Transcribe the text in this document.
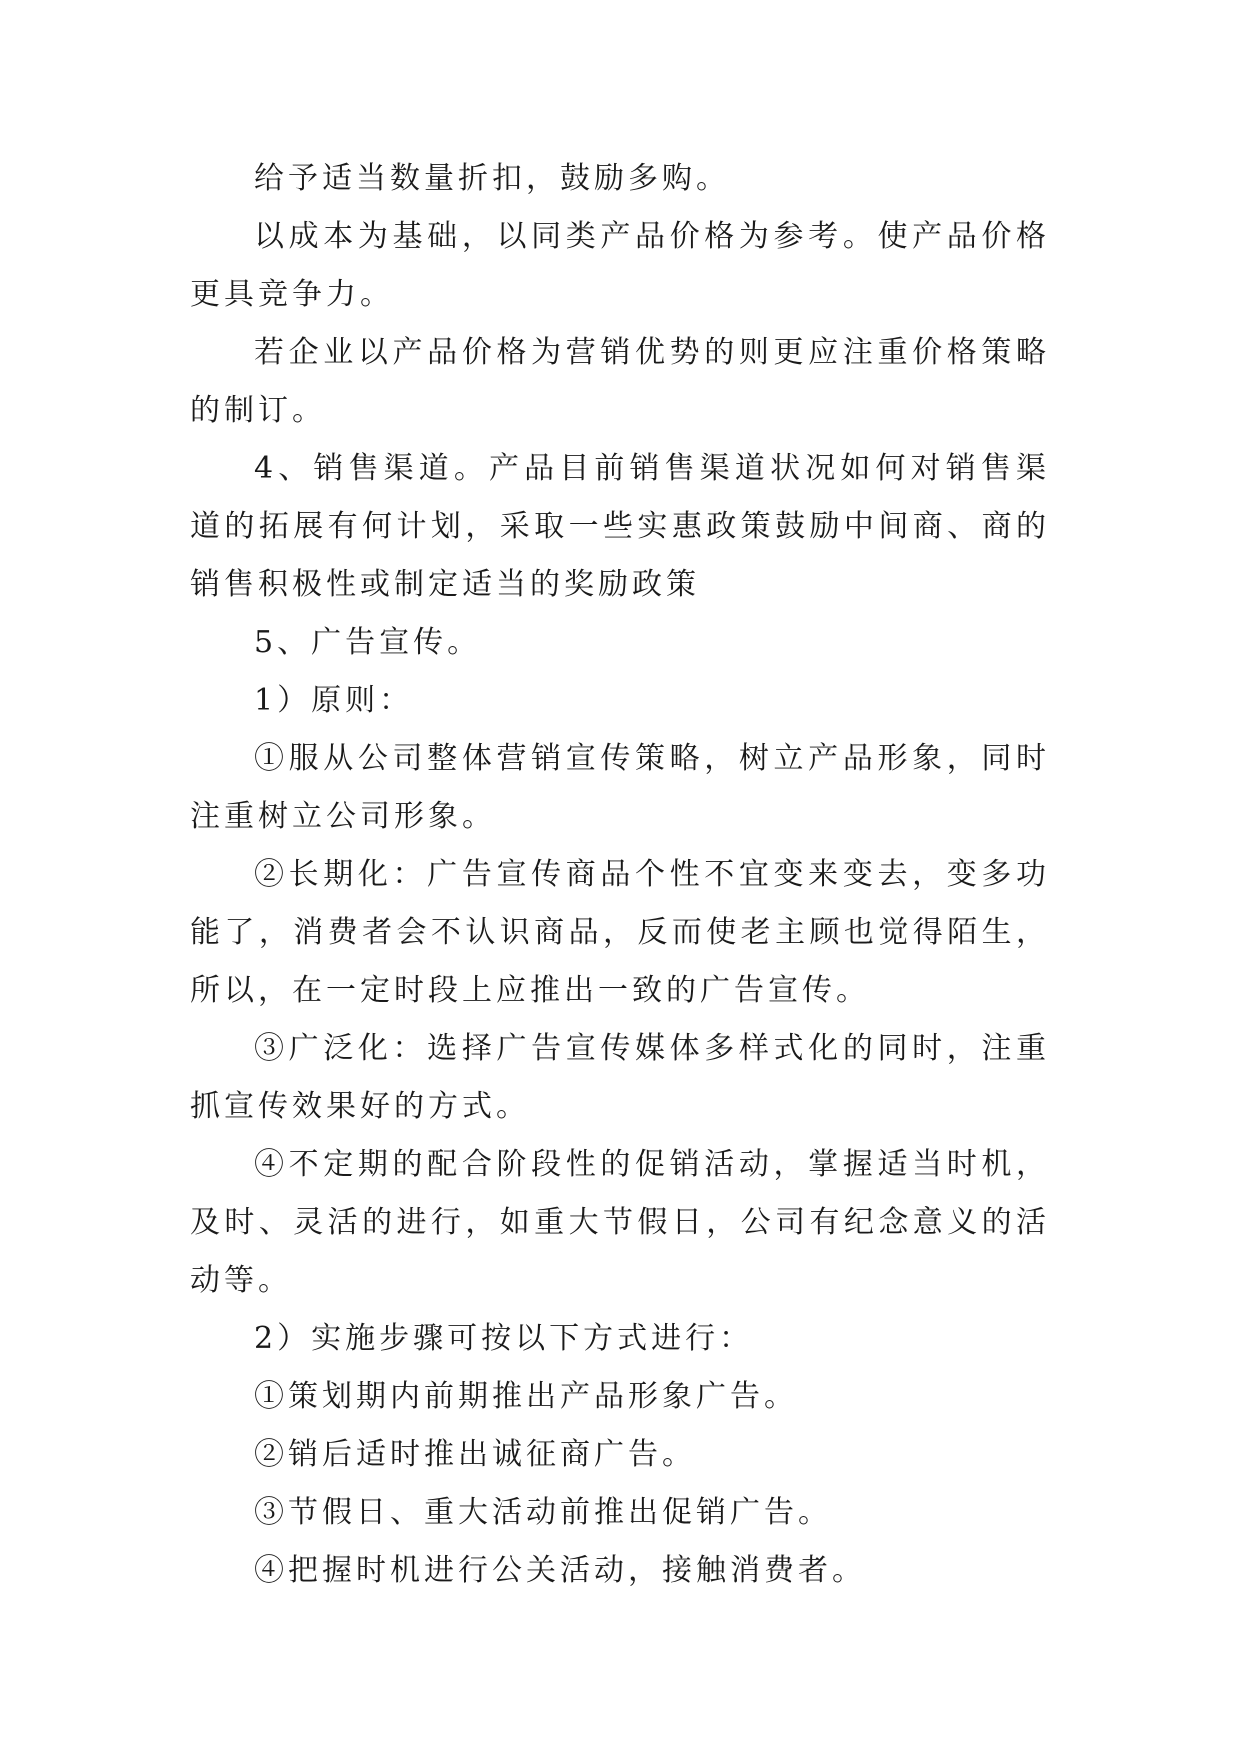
给予适当数量折扣，鼓励多购。

以成本为基础，以同类产品价格为参考。使产品价格更具竞争力。

若企业以产品价格为营销优势的则更应注重价格策略的制订。

4、销售渠道。产品目前销售渠道状况如何对销售渠道的拓展有何计划，采取一些实惠政策鼓励中间商、商的销售积极性或制定适当的奖励政策

5、广告宣传。

1）原则：

①服从公司整体营销宣传策略，树立产品形象，同时注重树立公司形象。

②长期化：广告宣传商品个性不宜变来变去，变多功能了，消费者会不认识商品，反而使老主顾也觉得陌生，所以，在一定时段上应推出一致的广告宣传。

③广泛化：选择广告宣传媒体多样式化的同时，注重抓宣传效果好的方式。

④不定期的配合阶段性的促销活动，掌握适当时机，及时、灵活的进行，如重大节假日，公司有纪念意义的活动等。

2）实施步骤可按以下方式进行：

①策划期内前期推出产品形象广告。

②销后适时推出诚征商广告。

③节假日、重大活动前推出促销广告。

④把握时机进行公关活动，接触消费者。
